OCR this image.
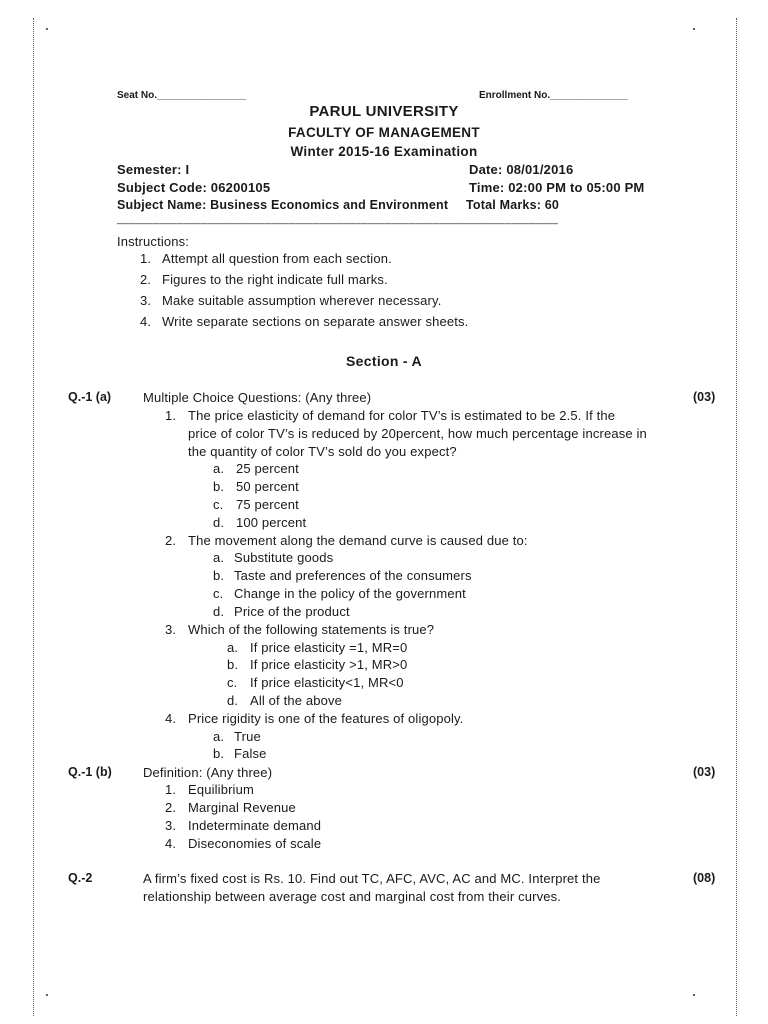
Seat No.________________	Enrollment No.______________
PARUL UNIVERSITY
FACULTY OF MANAGEMENT
Winter 2015-16 Examination
Semester: I	Date: 08/01/2016
Subject Code: 06200105	Time: 02:00 PM to 05:00 PM
Subject Name: Business Economics and Environment Total Marks: 60
__________________________________________________________________________
Instructions:
1. Attempt all question from each section.
2. Figures to the right indicate full marks.
3. Make suitable assumption wherever necessary.
4. Write separate sections on separate answer sheets.
Section - A
Q.-1 (a) Multiple Choice Questions: (Any three)	(03)
1. The price elasticity of demand for color TV’s is estimated to be 2.5. If the
price of color TV’s is reduced by 20percent, how much percentage increase in
the quantity of color TV’s sold do you expect?
a. 25 percent
b. 50 percent
c. 75 percent
d. 100 percent
2. The movement along the demand curve is caused due to:
a. Substitute goods
b. Taste and preferences of the consumers
c. Change in the policy of the government
d. Price of the product
3. Which of the following statements is true?
a. If price elasticity =1, MR=0
b. If price elasticity >1, MR>0
c. If price elasticity<1, MR<0
d. All of the above
4. Price rigidity is one of the features of oligopoly.
a. True
b. False
Q.-1 (b) Definition: (Any three)	(03)
1. Equilibrium
2. Marginal Revenue
3. Indeterminate demand
4. Diseconomies of scale
Q.-2	A firm’s fixed cost is Rs. 10. Find out TC, AFC, AVC, AC and MC. Interpret the
relationship between average cost and marginal cost from their curves.
(08)
